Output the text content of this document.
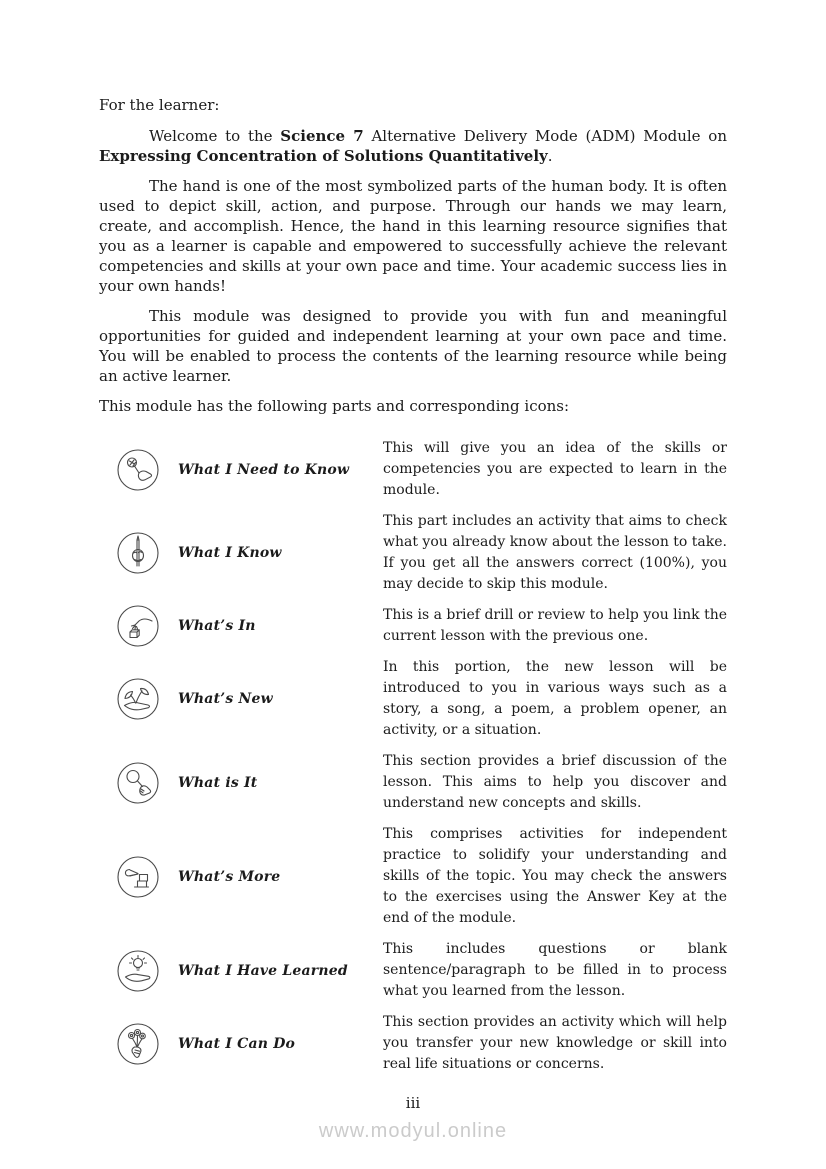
For the learner:

Welcome to the Science 7 Alternative Delivery Mode (ADM) Module on Expressing Concentration of Solutions Quantitatively.

The hand is one of the most symbolized parts of the human body. It is often used to depict skill, action, and purpose. Through our hands we may learn, create, and accomplish. Hence, the hand in this learning resource signifies that you as a learner is capable and empowered to successfully achieve the relevant competencies and skills at your own pace and time. Your academic success lies in your own hands!

This module was designed to provide you with fun and meaningful opportunities for guided and independent learning at your own pace and time. You will be enabled to process the contents of the learning resource while being an active learner.

This module has the following parts and corresponding icons:

What I Need to Know
This will give you an idea of the skills or competencies you are expected to learn in the module.
What I Know
This part includes an activity that aims to check what you already know about the lesson to take. If you get all the answers correct (100%), you may decide to skip this module.
What’s In
This is a brief drill or review to help you link the current lesson with the previous one.
What’s New
In this portion, the new lesson will be introduced to you in various ways such as a story, a song, a poem, a problem opener, an activity, or a situation.
What is It
This section provides a brief discussion of the lesson. This aims to help you discover and understand new concepts and skills.
What’s More
This comprises activities for independent practice to solidify your understanding and skills of the topic. You may check the answers to the exercises using the Answer Key at the end of the module.
What I Have Learned
This includes questions or blank sentence/paragraph to be filled in to process what you learned from the lesson.
What I Can Do
This section provides an activity which will help you transfer your new knowledge or skill into real life situations or concerns.
iii
www.modyul.online
